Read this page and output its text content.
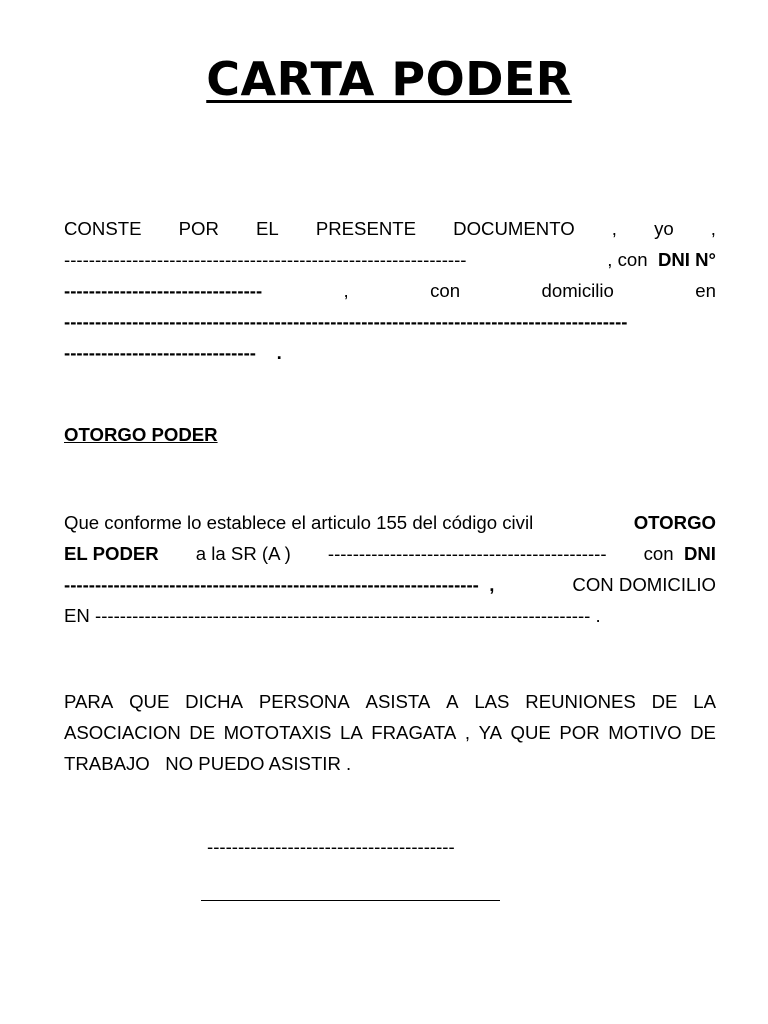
CARTA PODER
CONSTE POR EL PRESENTE DOCUMENTO , yo ,
-----------------------------------------------------------------	, con DNI N°
--------------------------------	,	con	domicilio	en
-------------------------------------------------------------------------------------------
------------------------------- .

OTORGO PODER

Que conforme lo establece el articulo 155 del código civil	OTORGO
EL PODER a la SR (A ) --------------------------------------------- con DNI
------------------------------------------------------------------- ,	CON DOMICILIO
EN -------------------------------------------------------------------------------- .
PARA QUE DICHA PERSONA ASISTA A LAS REUNIONES DE LA
ASOCIACION DE MOTOTAXIS LA FRAGATA , YA QUE POR MOTIVO DE
TRABAJO   NO PUEDO ASISTIR .

----------------------------------------
